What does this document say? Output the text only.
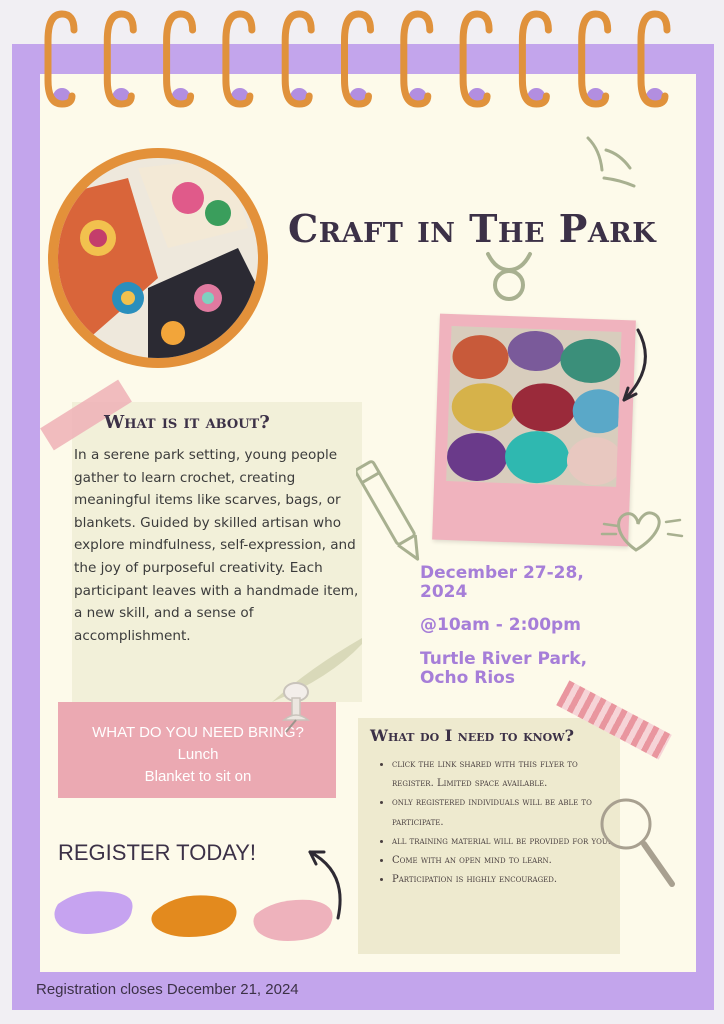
Craft in The Park
What is it about?
In a serene park setting, young people gather to learn crochet, creating meaningful items like scarves, bags, or blankets. Guided by skilled artisan who explore mindfulness, self-expression, and the joy of purposeful creativity. Each participant leaves with a handmade item, a new skill, and a sense of accomplishment.
December 27-28,
2024
@10am - 2:00pm
Turtle River Park,
Ocho Rios
WHAT DO YOU NEED BRING?
Lunch
Blanket to sit on
What do I need to know?
• click the link shared with this flyer to register. Limited space available.
• only registered individuals will be able to participate.
• all training material will be provided for you.
• Come with an open mind to learn.
• Participation is highly encouraged.
REGISTER TODAY!
Registration closes December 21, 2024
